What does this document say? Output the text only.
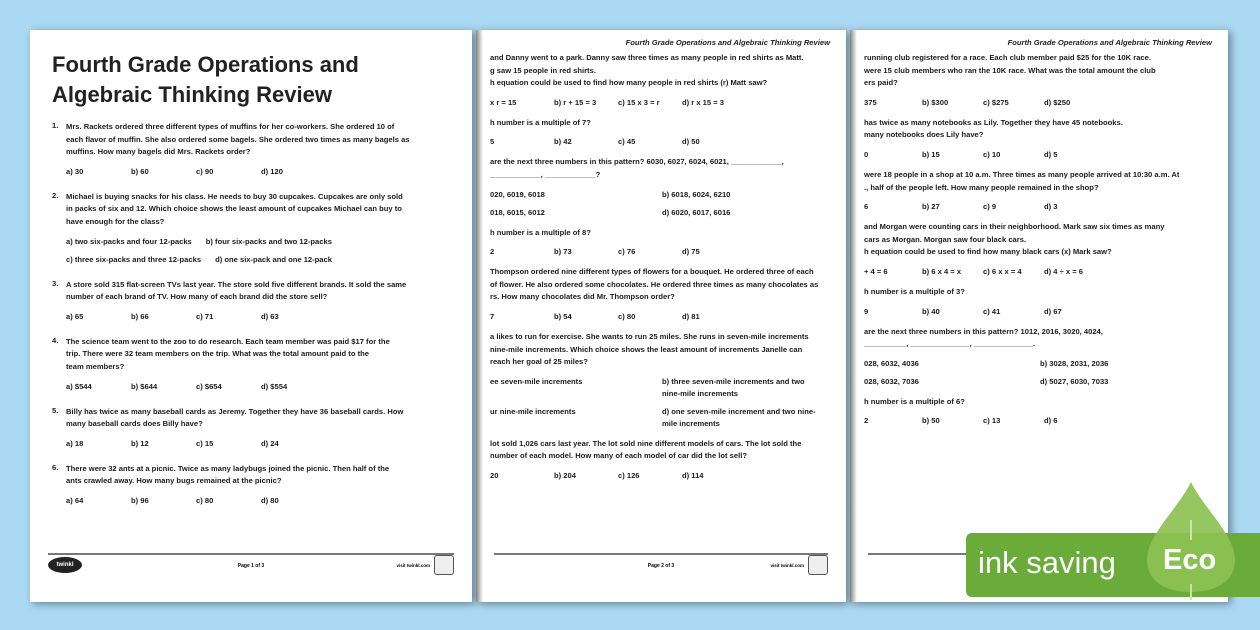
Fourth Grade Operations and Algebraic Thinking Review
1.	Mrs. Rackets ordered three different types of muffins for her co-workers. She ordered 10 of
each flavor of muffin. She also ordered some bagels. She ordered two times as many bagels as
muffins. How many bagels did Mrs. Rackets order?
a) 30	b) 60	c) 90	d) 120
2.	Michael is buying snacks for his class. He needs to buy 30 cupcakes. Cupcakes are only sold
in packs of six and 12. Which choice shows the least amount of cupcakes Michael can buy to
have enough for the class?
a) two six-packs and four 12-packs b) four six-packs and two 12-packs
c) three six-packs and three 12-packs d) one six-pack and one 12-pack
3.	A store sold 315 flat-screen TVs last year. The store sold five different brands. It sold the same
number of each brand of TV. How many of each brand did the store sell?
a) 65	b) 66	c) 71	d) 63
4.	The science team went to the zoo to do research. Each team member was paid $17 for the
trip. There were 32 team members on the trip. What was the total amount paid to the
team members?
a) $544	b) $644	c) $654	d) $554
5.	Billy has twice as many baseball cards as Jeremy. Together they have 36 baseball cards. How
many baseball cards does Billy have?
a) 18	b) 12	c) 15	d) 24
6.	There were 32 ants at a picnic. Twice as many ladybugs joined the picnic. Then half of the
ants crawled away. How many bugs remained at the picnic?
a) 64	b) 96	c) 80	d) 80
twinkl	Page 1 of 3	visit twinkl.com
Fourth Grade Operations and Algebraic Thinking Review
and Danny went to a park. Danny saw three times as many people in red shirts as Matt.
g saw 15 people in red shirts.
h equation could be used to find how many people in red shirts (r) Matt saw?
x r = 15	b) r + 15 = 3	c) 15 x 3 = r	d) r x 15 = 3
h number is a multiple of 7?
5	b) 42	c) 45	d) 50
are the next three numbers in this pattern? 6030, 6027, 6024, 6021, ____________,
____________, ____________?
020, 6019, 6018	b) 6018, 6024, 6210
018, 6015, 6012	d) 6020, 6017, 6016
h number is a multiple of 8?
2	b) 73	c) 76	d) 75
Thompson ordered nine different types of flowers for a bouquet. He ordered three of each
of flower. He also ordered some chocolates. He ordered three times as many chocolates as
rs. How many chocolates did Mr. Thompson order?
7	b) 54	c) 80	d) 81
a likes to run for exercise. She wants to run 25 miles. She runs in seven-mile increments
nine-mile increments. Which choice shows the least amount of increments Janelle can
reach her goal of 25 miles?
ee seven-mile increments	b) three seven-mile increments and two nine-mile increments
ur nine-mile increments	d) one seven-mile increment and two nine-mile increments
lot sold 1,026 cars last year. The lot sold nine different models of cars. The lot sold the
number of each model. How many of each model of car did the lot sell?
20	b) 204	c) 126	d) 114
Page 2 of 3	visit twinkl.com
Fourth Grade Operations and Algebraic Thinking Review
running club registered for a race. Each club member paid $25 for the 10K race.
were 15 club members who ran the 10K race. What was the total amount the club
ers paid?
375	b) $300	c) $275	d) $250
has twice as many notebooks as Lily. Together they have 45 notebooks.
many notebooks does Lily have?
0	b) 15	c) 10	d) 5
were 18 people in a shop at 10 a.m. Three times as many people arrived at 10:30 a.m. At
., half of the people left. How many people remained in the shop?
6	b) 27	c) 9	d) 3
and Morgan were counting cars in their neighborhood. Mark saw six times as many
cars as Morgan. Morgan saw four black cars.
h equation could be used to find how many black cars (x) Mark saw?
+ 4 = 6	b) 6 x 4 = x	c) 6 x x = 4	d) 4 ÷ x = 6
h number is a multiple of 3?
9	b) 40	c) 41	d) 67
are the next three numbers in this pattern? 1012, 2016, 3020, 4024,
__________, ______________, ______________.
028, 6032, 4036	b) 3028, 2031, 2036
028, 6032, 7036	d) 5027, 6030, 7033
h number is a multiple of 6?
2	b) 50	c) 13	d) 6
ink saving Eco
